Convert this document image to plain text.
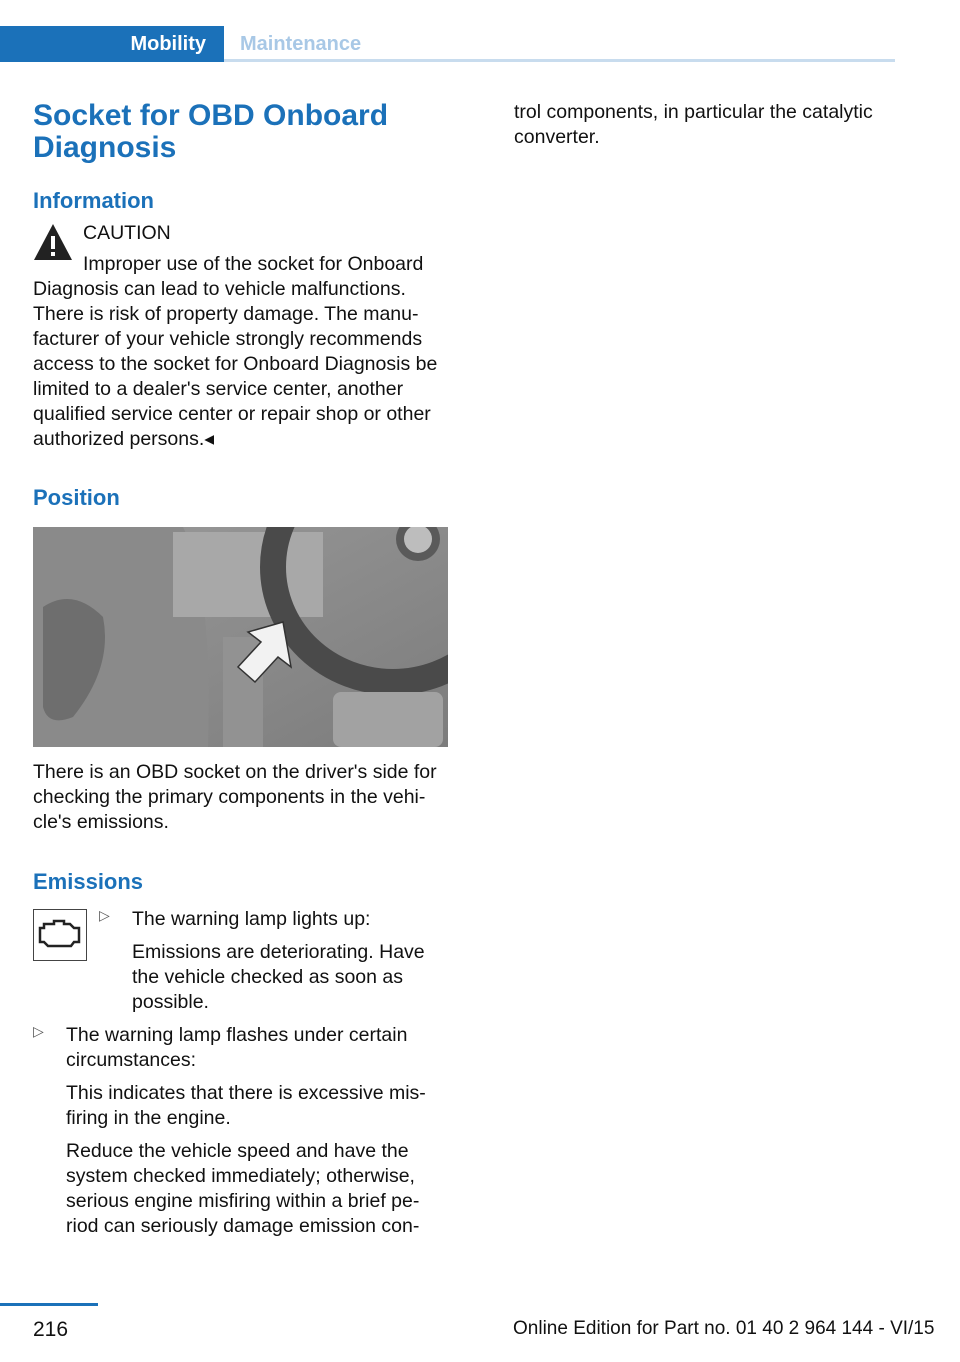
Mobility	Maintenance
Socket for OBD Onboard Diagnosis
Information
CAUTION

Improper use of the socket for Onboard
Diagnosis can lead to vehicle malfunctions. There is risk of property damage. The manu-facturer of your vehicle strongly recommends access to the socket for Onboard Diagnosis be limited to a dealer's service center, another qualified service center or repair shop or other authorized persons.◂

Position

There is an OBD socket on the driver's side for checking the primary components in the vehi-cle's emissions.

Emissions
▷ The warning lamp lights up:

Emissions are deteriorating. Have the vehicle checked as soon as possible.

▷ The warning lamp flashes under certain circumstances:

This indicates that there is excessive mis-firing in the engine.

Reduce the vehicle speed and have the system checked immediately; otherwise, serious engine misfiring within a brief pe-riod can seriously damage emission con-

trol components, in particular the catalytic converter.

216	Online Edition for Part no. 01 40 2 964 144 - VI/15
